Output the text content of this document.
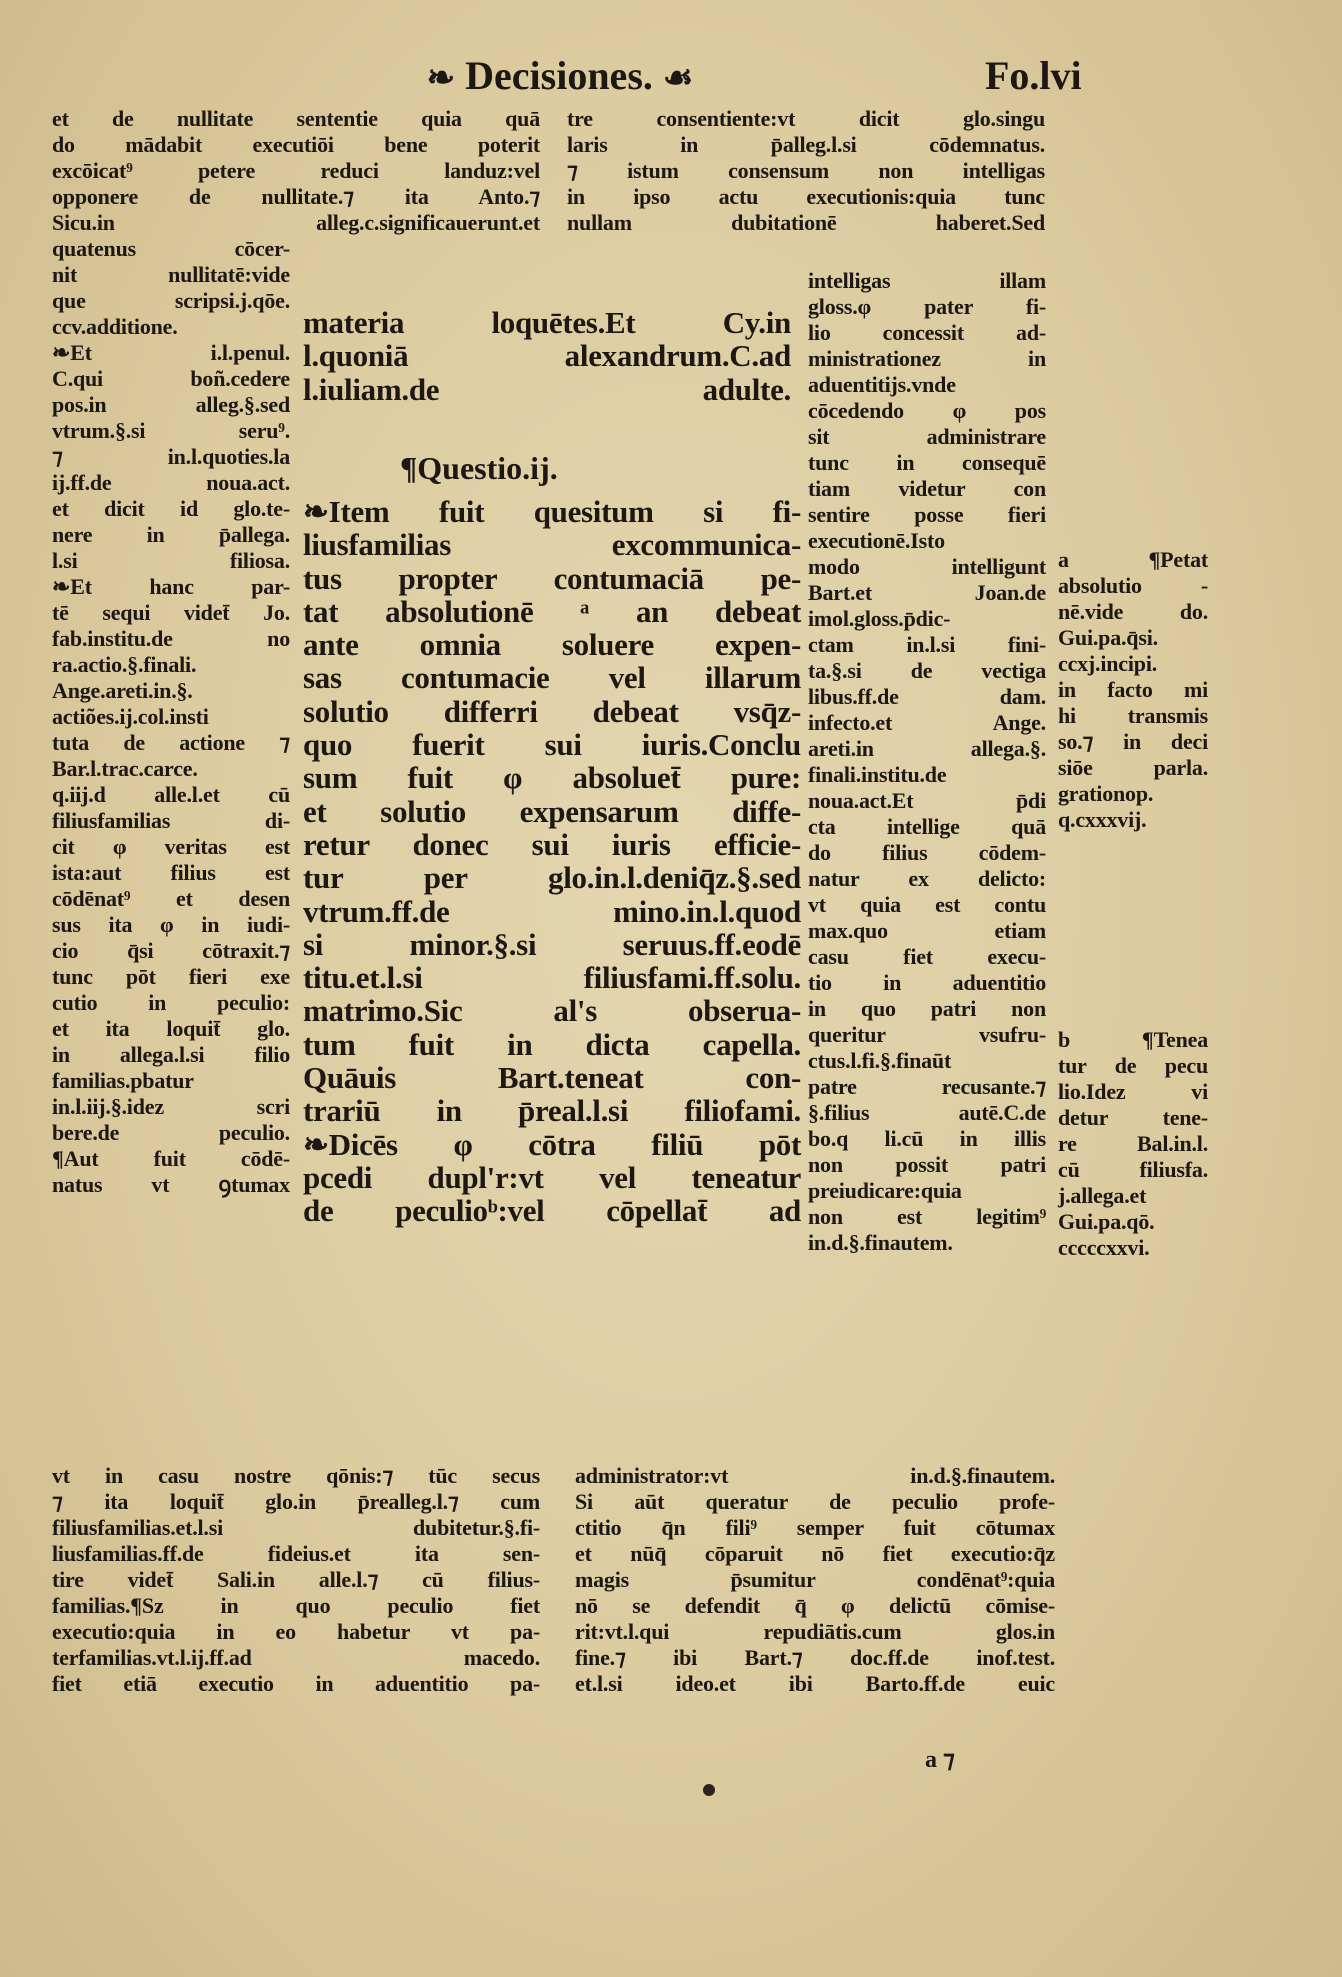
❧ Decisiones. ☙	Fo.lvi
et de nullitate sententie quia quā
do mādabit executiōi bene poterit
excōicat⁹ petere reduci landuz:vel
opponere de nullitate.⁊ ita Anto.⁊
Sicu.in alleg.c.significauerunt.et
tre consentiente:vt dicit glo.singu
laris in p̄alleg.l.si cōdemnatus.
⁊ istum consensum non intelligas
in ipso actu executionis:quia tunc
nullam dubitationē haberet.Sed
quatenus cōcer-
nit nullitatē:vide
que scripsi.j.qōe.
ccv.additione.
❧Et i.l.penul.
C.qui boñ.cedere
pos.in alleg.§.sed
vtrum.§.si seru⁹.
⁊ in.l.quoties.la
ij.ff.de noua.act.
et dicit id glo.te-
nere in p̄allega.
l.si filiosa.
❧Et hanc par-
tē sequi videt̄ Jo.
fab.institu.de no
ra.actio.§.finali.
Ange.areti.in.§.
actiões.ij.col.insti
tuta de actione ⁊
Bar.l.trac.carce.
q.iij.d alle.l.et cū
filiusfamilias di-
cit φ veritas est
ista:aut filius est
cōdēnat⁹ et desen
sus ita φ in iudi-
cio q̄si cōtraxit.⁊
tunc pōt fieri exe
cutio in peculio:
et ita loquit̄ glo.
in allega.l.si filio
familias.pbatur
in.l.iij.§.idez scri
bere.de peculio.
¶Aut fuit cōdē-
natus vt ꝯtumax
materia loquētes.Et Cy.in
l.quoniā alexandrum.C.ad
l.iuliam.de adulte.
¶Questio.ij.
❧Item fuit quesitum si fi-
liusfamilias excommunica-
tus propter contumaciā pe-
tat absolutionē ᵃ an debeat
ante omnia soluere expen-
sas contumacie vel illarum
solutio differri debeat vsq̄z-
quo fuerit sui iuris.Conclu
sum fuit φ absoluet̄ pure:
et solutio expensarum diffe-
retur donec sui iuris efficie-
tur per glo.in.l.deniq̄z.§.sed
vtrum.ff.de mino.in.l.quod
si minor.§.si seruus.ff.eodē
titu.et.l.si filiusfami.ff.solu.
matrimo.Sic al's obserua-
tum fuit in dicta capella.
Quāuis Bart.teneat con-
trariū in p̄real.l.si filiofami.
❧Dicēs φ cōtra filiū pōt
pcedi dupl'r:vt vel teneatur
de peculioᵇ:vel cōpellat̄ ad
intelligas illam
gloss.φ pater fi-
lio concessit ad-
ministrationez in
aduentitijs.vnde
cōcedendo φ pos
sit administrare
tunc in consequē
tiam videtur con
sentire posse fieri
executionē.Isto
modo intelligunt
Bart.et Joan.de
imol.gloss.p̄dic-
ctam in.l.si fini-
ta.§.si de vectiga
libus.ff.de dam.
infecto.et Ange.
areti.in allega.§.
finali.institu.de
noua.act.Et p̄di
cta intellige quā
do filius cōdem-
natur ex delicto:
vt quia est contu
max.quo etiam
casu fiet execu-
tio in aduentitio
in quo patri non
queritur vsufru-
ctus.l.fi.§.finaūt
patre recusante.⁊
§.filius autē.C.de
bo.q li.cū in illis
non possit patri
preiudicare:quia
non est legitim⁹
in.d.§.finautem.
a ¶Petat
absolutio -
nē.vide do.
Gui.pa.q̄si.
ccxj.incipi.
in facto mi
hi transmis
so.⁊ in deci
siōe parla.
grationop.
q.cxxxvij.
b ¶Tenea
tur de pecu
lio.Idez vi
detur tene-
re Bal.in.l.
cū filiusfa.
j.allega.et
Gui.pa.qō.
cccccxxvi.
vt in casu nostre qōnis:⁊ tūc secus
⁊ ita loquit̄ glo.in p̄realleg.l.⁊ cum
filiusfamilias.et.l.si dubitetur.§.fi-
liusfamilias.ff.de fideius.et ita sen-
tire videt̄ Sali.in alle.l.⁊ cū filius-
familias.¶Sz in quo peculio fiet
executio:quia in eo habetur vt pa-
terfamilias.vt.l.ij.ff.ad macedo.
fiet etiā executio in aduentitio pa-
administrator:vt in.d.§.finautem.
Si aūt queratur de peculio profe-
ctitio q̄n fili⁹ semper fuit cōtumax
et nūq̄ cōparuit nō fiet executio:q̄z
magis p̄sumitur condēnat⁹:quia
nō se defendit q̄ φ delictū cōmise-
rit:vt.l.qui repudiātis.cum glos.in
fine.⁊ ibi Bart.⁊ doc.ff.de inof.test.
et.l.si ideo.et ibi Barto.ff.de euic
a ⁊
